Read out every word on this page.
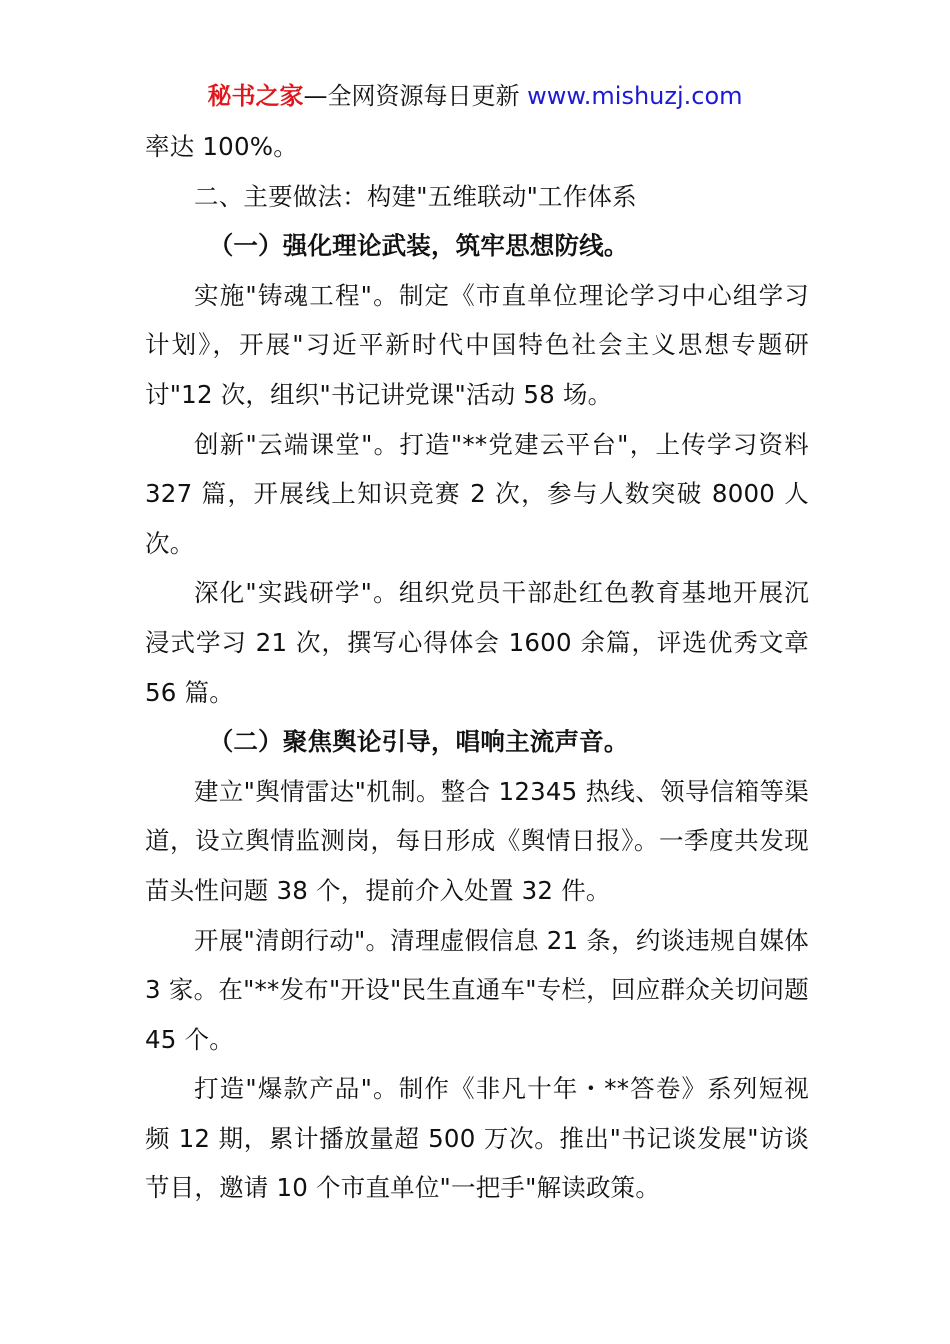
秘书之家—全网资源每日更新 www.mishuzj.com

率达 100%。

二、主要做法：构建"五维联动"工作体系

（一）强化理论武装，筑牢思想防线。

实施"铸魂工程"。制定《市直单位理论学习中心组学习计划》，开展"习近平新时代中国特色社会主义思想专题研讨"12 次，组织"书记讲党课"活动 58 场。

创新"云端课堂"。打造"**党建云平台"，上传学习资料 327 篇，开展线上知识竞赛 2 次，参与人数突破 8000 人次。

深化"实践研学"。组织党员干部赴红色教育基地开展沉浸式学习 21 次，撰写心得体会 1600 余篇，评选优秀文章 56 篇。

（二）聚焦舆论引导，唱响主流声音。

建立"舆情雷达"机制。整合 12345 热线、领导信箱等渠道，设立舆情监测岗，每日形成《舆情日报》。一季度共发现苗头性问题 38 个，提前介入处置 32 件。

开展"清朗行动"。清理虚假信息 21 条，约谈违规自媒体 3 家。在"**发布"开设"民生直通车"专栏，回应群众关切问题 45 个。

打造"爆款产品"。制作《非凡十年・**答卷》系列短视频 12 期，累计播放量超 500 万次。推出"书记谈发展"访谈节目，邀请 10 个市直单位"一把手"解读政策。
